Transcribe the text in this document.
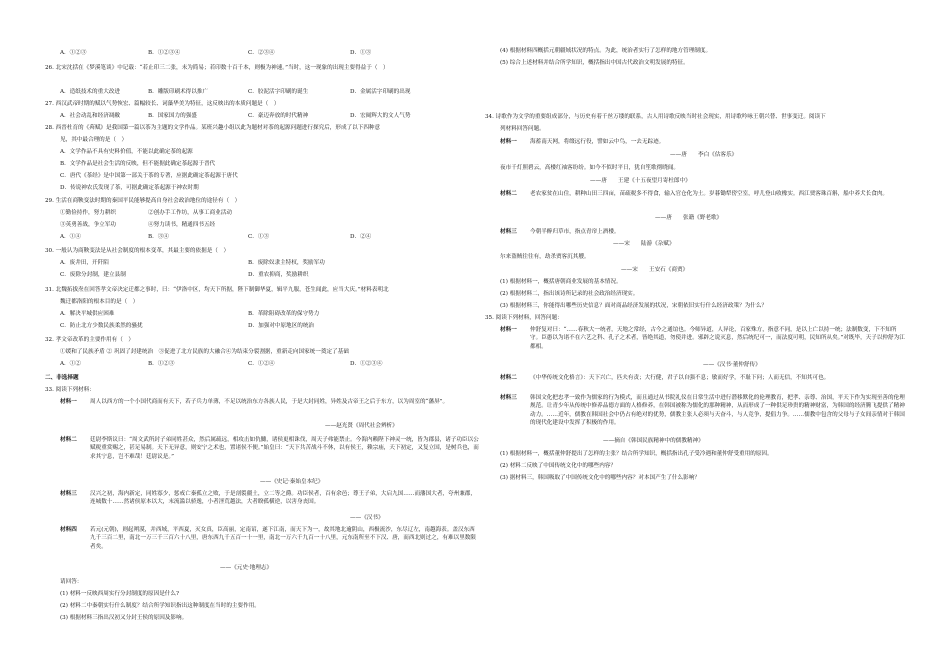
A．①②③	B．①②③④	C．②③④	D．①③
26. 北宋沈括在《梦溪笔谈》中记载：“若止印三二张，未为简易；若印数十百千本，则极为神速。”当时，这一现象的出现主要得益于（　）
A．造纸技术的重大改进	B．雕版印刷术得以推广	C．胶泥活字印刷的诞生	D．金属活字印刷的出现
27. 西汉武帝时期的赋以气势恢宏、篇幅较长、词藻华美为特征，这反映出的本质问题是（　）
A．社会动乱和经济凋敝	B．国家国力的强盛	C．豪迈奔放的时代精神	D．宏阔辉大的文人气势
28. 西晋杜育的《荈赋》是我国第一篇以茶为主题的文学作品。某班兴趣小组以此为题材对茶的起源问题进行探究后，形成了以下四种意
见，其中最合理的是（　）
A．文学作品不具有史料价值，不能以此确定茶的起源
B．文学作品是社会生活的反映，但不能据此确定茶起源于晋代
C．唐代《茶经》是中国第一部关于茶的专著，应据此确定茶起源于唐代
D．传说神农氏发现了茶，可据此确定茶起源于神农时期
29. 生活在商鞅变法时期的秦国平民能够提高自身社会政治地位的途径有（　）
①勤俭持作，努力耕织	②创办手工作坊，从事工商业活动
③英勇善战，争立军功	④努力读书，精通四书五经
A．①④	B．③④	C．①③	D．②④
30. 一般认为商鞅变法是从社会制度的根本变革，其最主要的依据是（　）
A．废井田，开阡陌	B．废除奴隶主特权，奖励军功
C．废除分封制，建立县制	D．重农抑商，奖励耕织
31. 北魏拓拔焘在回答孝文帝决定迁都之事时，曰：“伊洛中区，均天下所据，陛下制御华夏，辑平九服，苍生闻此，应当大庆。”材料表明北
魏迁都洛阳的根本目的是（　）
A．解决平城供应困难	B．革除阻碍改革的保守势力
C．防止北方少数民族柔然的骚扰	D．加强对中原地区的统治
32. 孝文帝改革的主要作用有（　）
①缓和了民族矛盾 ② 巩固了封建统治　③促进了北方民族的大融合④为结束分裂割据，重新走向国家统一奠定了基础
A．①②	B．①②③	C．①②④	D．①②③④
二、非选择题
33. 阅读下列材料：
材料一 周人以西方的一个小国代商而有天下，若子兵力单薄，不足以统治东方各族人民，于是大封同姓，异姓及古帝王之后于东方，以为周室的“藩屏”。
——赵光贤《周代社会辨析》
材料二 廷尉李斯议曰：“周文武所封子弟同姓甚众，然后属疏远，相攻击如仇雠，诸侯更相诛伐，周天子弗能禁止。今海内赖陛下神灵一统，皆为郡县，诸子功臣以公赋税重赏赐之，甚足易制。天下无异意，则安宁之术也，置诸侯不便。”始皇曰：“天下共苦战斗不休，以有侯王，赖宗庙，天下初定，又复立国，是树兵也，而求其宁息，岂不难哉！廷尉议是。”
——《史记·秦始皇本纪》
材料三 汉兴之初，海内新定，同姓寡少，惩戒亡秦孤立之败，于是剖裂疆土，立二等之爵。功臣侯者，百有余邑；尊王子弟，大启九国……而藩国大者，夸州兼郡，连城数十……然诸侯原本以大，末流滥以骄逸，小者淫荒越法，大者睽孤横逆，以害身丧国。
——《汉书》
材料四 若元(元朝)，则起朔漠，并西域，平西夏，灭女真，臣高丽，定南诏，遂下江南，而天下为一，故其地北逾阴山，西极流沙，东尽辽左，南越海表。盖汉东西九千三百二里，南北一万三千三百六十八里，唐东西九千五百一十一里，南北一万六千九百一十八里，元东南所至不下汉、唐，而西北则过之，有难以里数限者矣。
——《元史·地理志》
请回答：
(1) 材料一反映西周实行分封制度的原因是什么?
(2) 材料二中秦朝实行什么制度？结合所学知识指出这种制度在当时的主要作用。
(3) 根据材料三指出汉初又分封王侯的原因及影响。
(4) 根据材料四概括元朝疆域状况的特点。为此，统治者实行了怎样的地方管理制度。
(5) 综合上述材料并结合所学知识，概括指出中国古代政治文明发展的特征。
34. 诗歌作为文学的重要组成部分，与历史有着千丝万缕的联系，古人用诗歌反映当时社会现实，用诗歌吟咏王朝兴替、世事变迁。阅读下
列材料回答问题。
材料一 海蓄南天网，将缀远行役，譬如云中鸟，一去无踪迹。
——唐　　李白《估客乐》
夜市千灯照碧云，高楼红袖客纷纷。如今不似时平日，犹自笙歌彻晓闻。
——唐　　王建《十五夜望月寄杜郎中》
材料二 老农家贫在山住，耕种山田三四亩，苗疏税多不得食，输入官仓化为土。岁暮锄犁傍空室，呼儿登山收橡实。西江贾客珠百斛，船中养犬长食肉。
——唐　　张籍《野老歌》
材料三 今朝半醉归草市，指点青帘上酒楼。
——宋　　陆游《杂赋》
尔来盗贼往往有，劫杀贾客沉其艘。
——宋　　王安石《商贾》
(1) 根据材料一，概括唐朝商业发展的基本情况。
(2) 根据材料二，指出该诗所记录的社会政治经济现实。
(3) 根据材料三，你能得出哪些历史信息？面对商品经济发展的状况，宋朝依旧实行什么经济政策？为什么？
35. 阅读下列材料，回答问题：
材料一 仲舒复对曰：“……春秋大一统者，天地之常经，古今之通谊也。今师异道，人异论，百家殊方，指意不同，是以上亡以持一统；法制数变，下不知所守。臣愚以为诸不在六艺之科、孔子之术者，皆绝其道，勿使并进。邪辟之说灭息，然后统纪可一，而法度可明，民知所从矣。”对既毕，天子以仲舒为江都相。
——《汉书·董仲舒传》
材料二 《中华传统文化格言》：天下兴亡，匹夫有责；大行健，君子以自强不息；敏而好学，不耻下问；人而无信，不知其可也。
材料三 韩国文化把忠孝一致作为儒家的行为模式，而且通过从书院礼仪在日常生活中进行潜移默化的伦理教育，把孝、亲尊、治国，平天下作为实现至善的伦理规范。让青少年从传统中修养品德方面的人格修养，在韩国被称为儒化的那种精神，从而形成了一种供足珍贵的精神财富，为韩国的经济腾飞提供了精神动力。……近年，儒教在韩国社会中仍占有绝对的优势，儒教主张人必须与天奋斗，与人竞争，提倡力争。……儒教中包含的父母与子女间亲情对于韩国的现代化建设中发挥了积极的作用。
——摘自《韩国民族精神中的儒教精神》
(1) 根据材料一，概括董仲舒提出了怎样的主张？结合所学知识，概括指出孔子受冷遇和董仲舒受重用的原因。
(2) 材料二反映了中国传统文化中的哪些内容？
(3) 据材料三，韩国吸取了中国传统文化中的哪些内容？对本国产生了什么影响？
